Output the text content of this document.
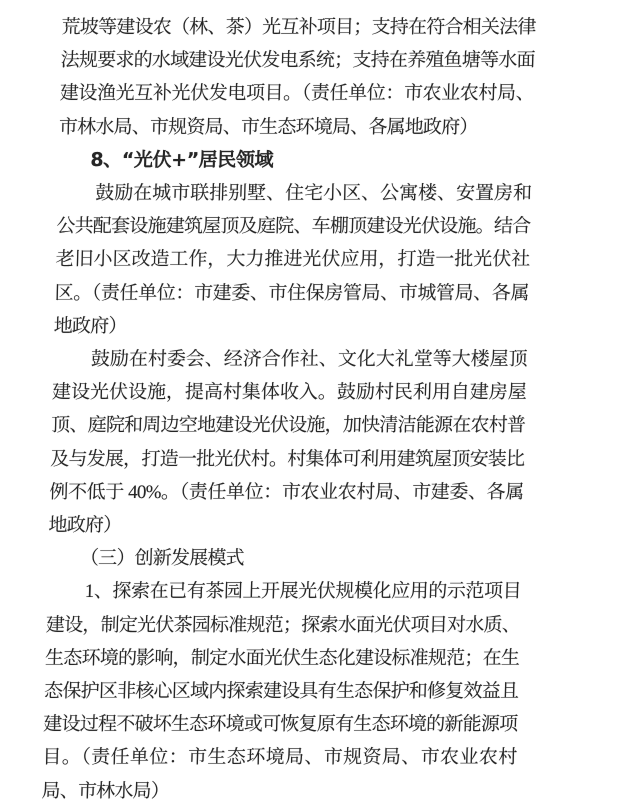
荒坡等建设农（林、茶）光互补项目；支持在符合相关法律法规要求的水域建设光伏发电系统；支持在养殖鱼塘等水面建设渔光互补光伏发电项目。（责任单位：市农业农村局、市林水局、市规资局、市生态环境局、各属地政府）

8、“光伏+”居民领域

鼓励在城市联排别墅、住宅小区、公寓楼、安置房和公共配套设施建筑屋顶及庭院、车棚顶建设光伏设施。结合老旧小区改造工作，大力推进光伏应用，打造一批光伏社区。（责任单位：市建委、市住保房管局、市城管局、各属地政府）

鼓励在村委会、经济合作社、文化大礼堂等大楼屋顶建设光伏设施，提高村集体收入。鼓励村民利用自建房屋顶、庭院和周边空地建设光伏设施，加快清洁能源在农村普及与发展，打造一批光伏村。村集体可利用建筑屋顶安装比例不低于 40%。（责任单位：市农业农村局、市建委、各属地政府）

（三）创新发展模式

1、探索在已有茶园上开展光伏规模化应用的示范项目建设，制定光伏茶园标准规范；探索水面光伏项目对水质、生态环境的影响，制定水面光伏生态化建设标准规范；在生态保护区非核心区域内探索建设具有生态保护和修复效益且建设过程不破坏生态环境或可恢复原有生态环境的新能源项目。（责任单位：市生态环境局、市规资局、市农业农村局、市林水局）
